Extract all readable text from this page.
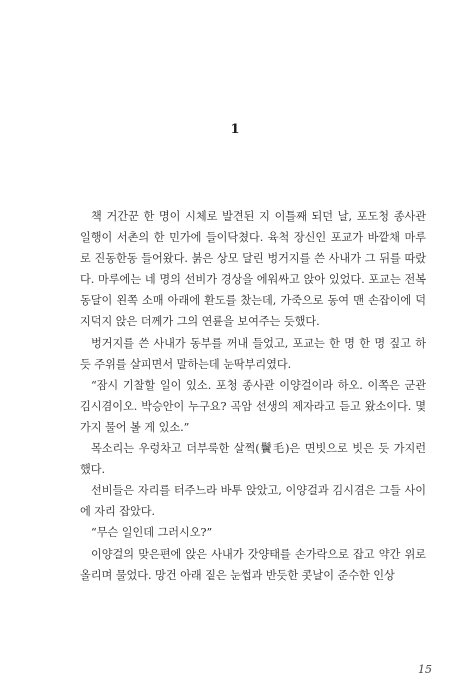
1

책 거간꾼 한 명이 시체로 발견된 지 이틀째 되던 날, 포도청 종사관 일행이 서촌의 한 민가에 들이닥쳤다. 육척 장신인 포교가 바깥채 마루로 진동한동 들어왔다. 붉은 상모 달린 벙거지를 쓴 사내가 그 뒤를 따랐다. 마루에는 네 명의 선비가 경상을 에워싸고 앉아 있었다. 포교는 전복 동달이 왼쪽 소매 아래에 환도를 찼는데, 가죽으로 동여 맨 손잡이에 덕지덕지 앉은 더께가 그의 연륜을 보여주는 듯했다.

벙거지를 쓴 사내가 동부를 꺼내 들었고, 포교는 한 명 한 명 짚고 하듯 주위를 살피면서 말하는데 눈딱부리였다.

“잠시 기찰할 일이 있소. 포청 종사관 이양걸이라 하오. 이쪽은 군관 김시겸이오. 박승안이 누구요? 곡암 선생의 제자라고 듣고 왔소이다. 몇 가지 물어 볼 게 있소.”

목소리는 우렁차고 더부룩한 살쩍(鬢毛)은 면빗으로 빗은 듯 가지런했다.

선비들은 자리를 터주느라 바투 앉았고, 이양걸과 김시겸은 그들 사이에 자리 잡았다.

“무슨 일인데 그러시오?”

이양걸의 맞은편에 앉은 사내가 갓양태를 손가락으로 잡고 약간 위로 올리며 물었다. 망건 아래 짙은 눈썹과 반듯한 콧날이 준수한 인상

15
